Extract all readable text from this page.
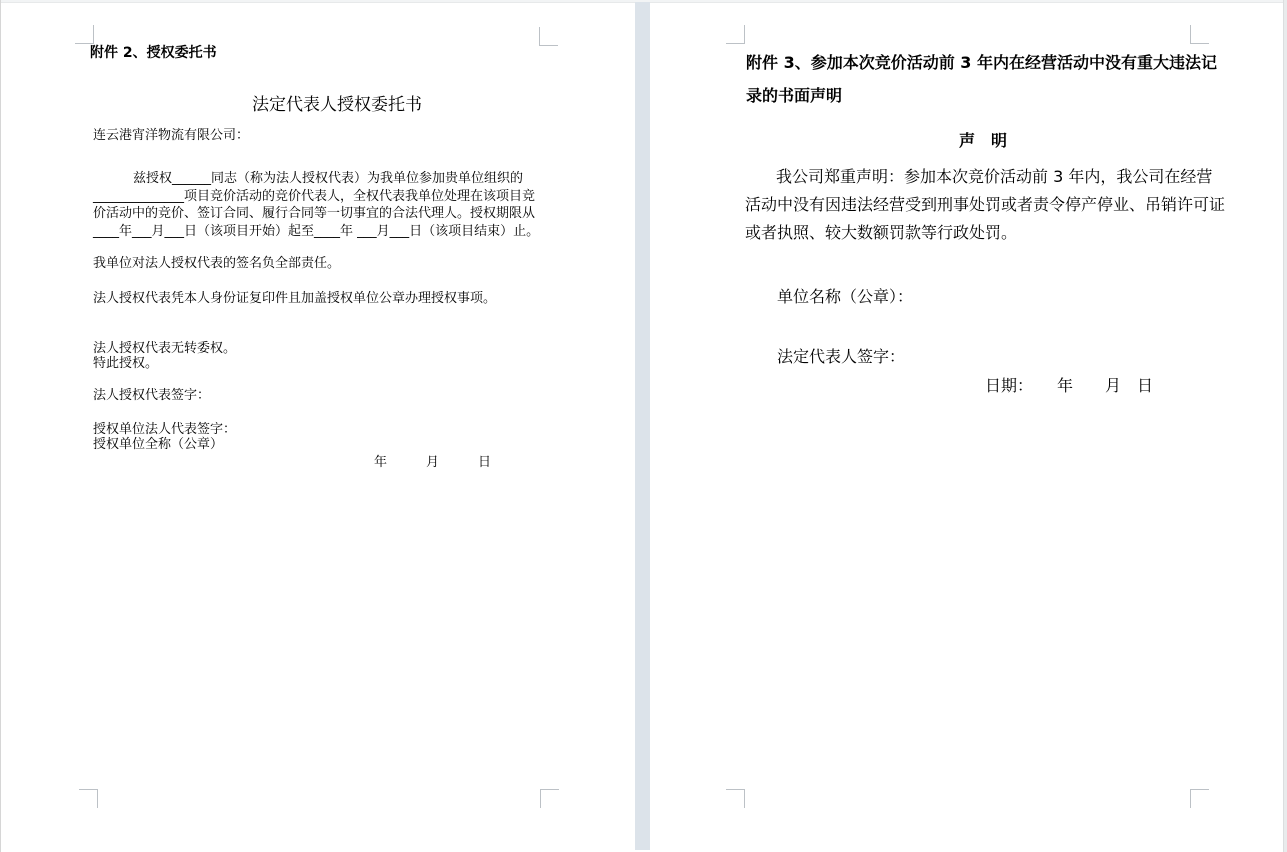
附件 2、授权委托书
法定代表人授权委托书
连云港宵洋物流有限公司：
兹授权______同志（称为法人授权代表）为我单位参加贵单位组织的
______________项目竞价活动的竞价代表人，全权代表我单位处理在该项目竞
价活动中的竞价、签订合同、履行合同等一切事宜的合法代理人。授权期限从
____年___月___日（该项目开始）起至____年 ___月___日（该项目结束）止。
我单位对法人授权代表的签名负全部责任。
法人授权代表凭本人身份证复印件且加盖授权单位公章办理授权事项。
法人授权代表无转委权。
特此授权。
法人授权代表签字：
授权单位法人代表签字：
授权单位全称（公章）
年　　　月　　　日
附件 3、参加本次竞价活动前 3 年内在经营活动中没有重大违法记
录的书面声明
声　明
我公司郑重声明：参加本次竞价活动前 3 年内，我公司在经营
活动中没有因违法经营受到刑事处罚或者责令停产停业、吊销许可证
或者执照、较大数额罚款等行政处罚。
单位名称（公章）：
法定代表人签字：
日期：　　年　　月　日
